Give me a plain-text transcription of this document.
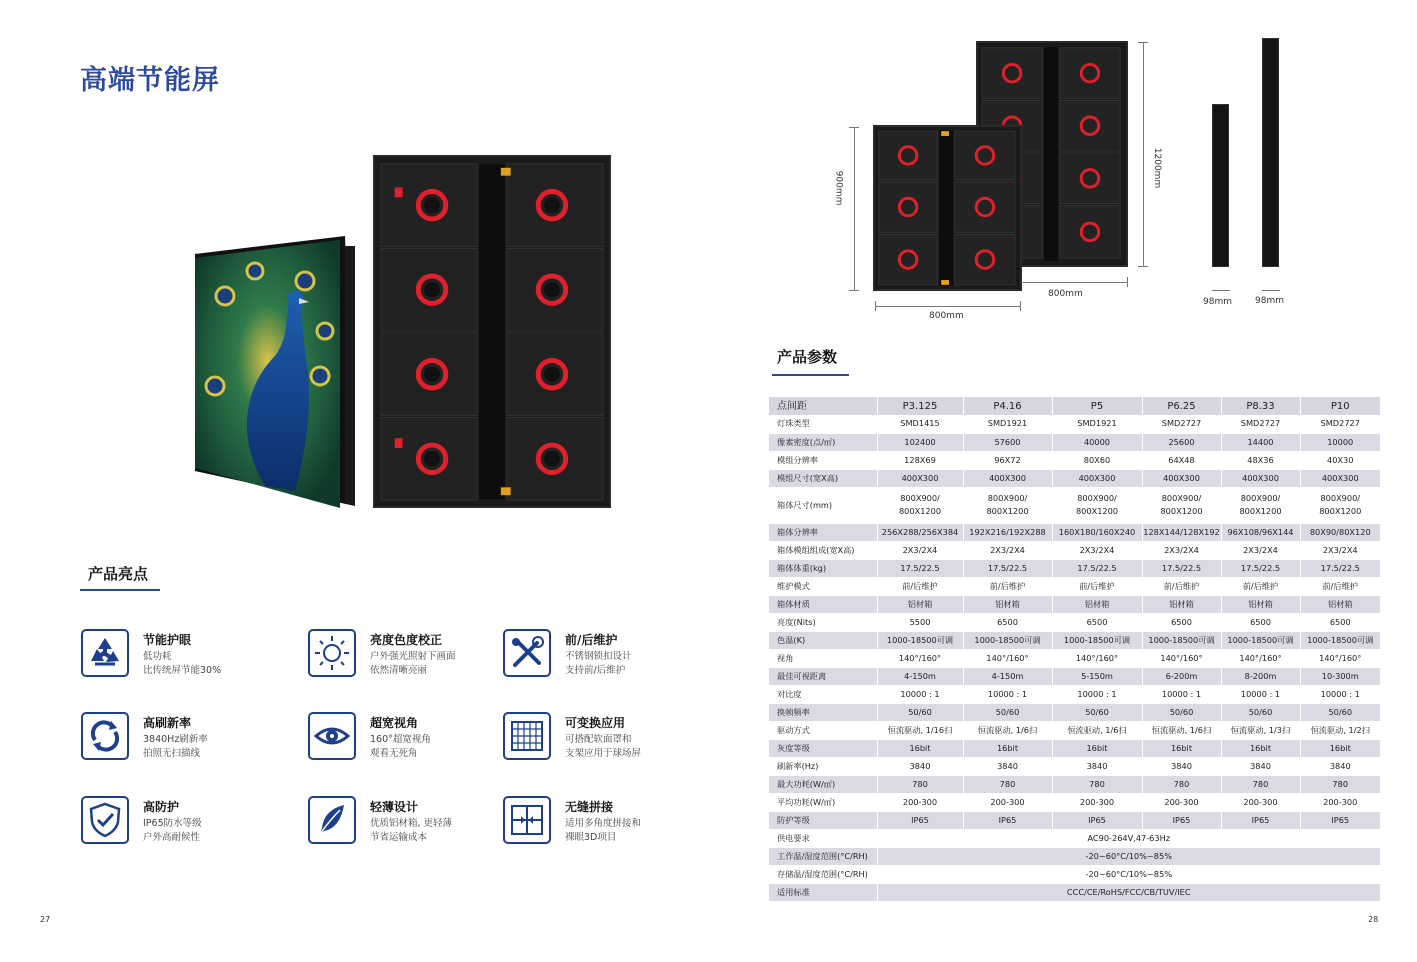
高端节能屏
产品亮点
节能护眼
低功耗
比传统屏节能30%
亮度色度校正
户外强光照射下画面
依然清晰亮丽
前/后维护
不锈钢锁扣设计
支持前/后维护
高刷新率
3840Hz刷新率
拍照无扫描线
超宽视角
160°超宽视角
观看无死角
可变换应用
可搭配软面罩和
支架应用于球场屏
高防护
IP65防水等级
户外高耐候性
轻薄设计
优质铝材箱, 更轻薄
节省运输成本
无缝拼接
适用多角度拼接和
裸眼3D项目
27
900mm
800mm
800mm
1200mm
98mm	98mm
产品参数
点间距	P3.125	P4.16	P5	P6.25	P8.33	P10
灯珠类型	SMD1415	SMD1921	SMD1921	SMD2727	SMD2727	SMD2727
像素密度(点/㎡)	102400	57600	40000	25600	14400	10000
模组分辨率	128X69	96X72	80X60	64X48	48X36	40X30
模组尺寸(宽X高)	400X300	400X300	400X300	400X300	400X300	400X300
箱体尺寸(mm)	800X900/
800X1200	800X900/
800X1200	800X900/
800X1200	800X900/
800X1200	800X900/
800X1200	800X900/
800X1200
箱体分辨率	256X288/256X384	192X216/192X288	160X180/160X240	128X144/128X192	96X108/96X144	80X90/80X120
箱体模组组成(宽X高)	2X3/2X4	2X3/2X4	2X3/2X4	2X3/2X4	2X3/2X4	2X3/2X4
箱体体重(kg)	17.5/22.5	17.5/22.5	17.5/22.5	17.5/22.5	17.5/22.5	17.5/22.5
维护模式	前/后维护	前/后维护	前/后维护	前/后维护	前/后维护	前/后维护
箱体材质	铝材箱	铝材箱	铝材箱	铝材箱	铝材箱	铝材箱
亮度(Nits)	5500	6500	6500	6500	6500	6500
色温(K)	1000-18500可调	1000-18500可调	1000-18500可调	1000-18500可调	1000-18500可调	1000-18500可调
视角	140°/160°	140°/160°	140°/160°	140°/160°	140°/160°	140°/160°
最佳可视距离	4-150m	4-150m	5-150m	6-200m	8-200m	10-300m
对比度	10000 : 1	10000 : 1	10000 : 1	10000 : 1	10000 : 1	10000 : 1
换帧频率	50/60	50/60	50/60	50/60	50/60	50/60
驱动方式	恒流驱动, 1/16扫	恒流驱动, 1/6扫	恒流驱动, 1/6扫	恒流驱动, 1/6扫	恒流驱动, 1/3扫	恒流驱动, 1/2扫
灰度等级	16bit	16bit	16bit	16bit	16bit	16bit
刷新率(Hz)	3840	3840	3840	3840	3840	3840
最大功耗(W/㎡)	780	780	780	780	780	780
平均功耗(W/㎡)	200-300	200-300	200-300	200-300	200-300	200-300
防护等级	IP65	IP65	IP65	IP65	IP65	IP65
供电要求	AC90-264V,47-63Hz					
工作温/湿度范围(°C/RH)	-20~60°C/10%~85%					
存储温/湿度范围(°C/RH)	-20~60°C/10%~85%					
适用标准	CCC/CE/RoHS/FCC/CB/TUV/IEC					
28
